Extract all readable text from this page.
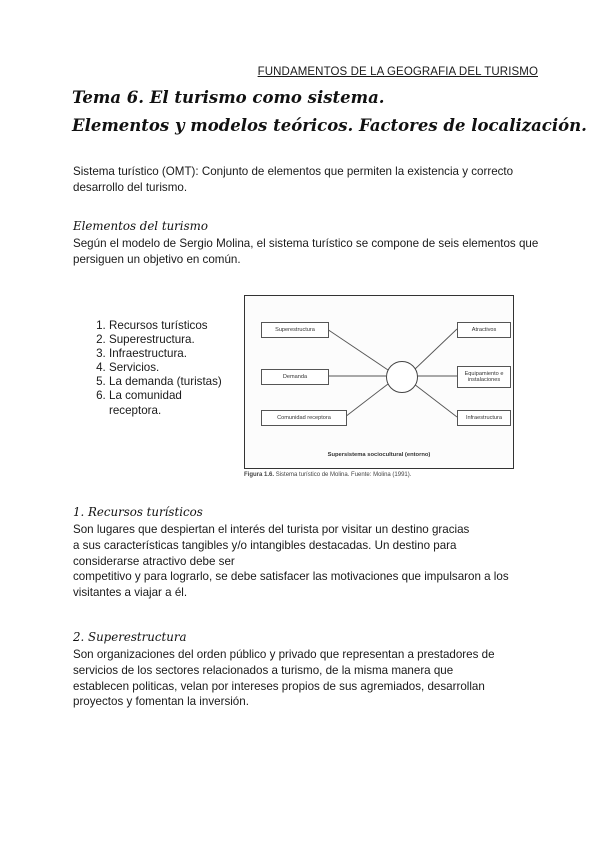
FUNDAMENTOS DE LA GEOGRAFIA DEL TURISMO
Tema 6. El turismo como sistema.
Elementos y modelos teóricos. Factores de localización.
Sistema turístico (OMT): Conjunto de elementos que permiten la existencia y correcto
desarrollo del turismo.
Elementos del turismo
Según el modelo de Sergio Molina, el sistema turístico se compone de seis elementos que
persiguen un objetivo en común.
1. Recursos turísticos
2. Superestructura.
3. Infraestructura.
4. Servicios.
5. La demanda (turistas)
6. La comunidad receptora.
Superestructura
Demanda
Comunidad receptora
Atractivos
Equipamiento e instalaciones
Infraestructura
Supersistema sociocultural (entorno)
Figura 1.6. Sistema turístico de Molina. Fuente: Molina (1991).
1. Recursos turísticos
Son lugares que despiertan el interés del turista por visitar un destino gracias
a sus características tangibles y/o intangibles destacadas. Un destino para
considerarse atractivo debe ser
competitivo y para lograrlo, se debe satisfacer las motivaciones que impulsaron a los
visitantes a viajar a él.
2. Superestructura
Son organizaciones del orden público y privado que representan a prestadores de
servicios de los sectores relacionados a turismo, de la misma manera que
establecen politicas, velan por intereses propios de sus agremiados, desarrollan
proyectos y fomentan la inversión.
